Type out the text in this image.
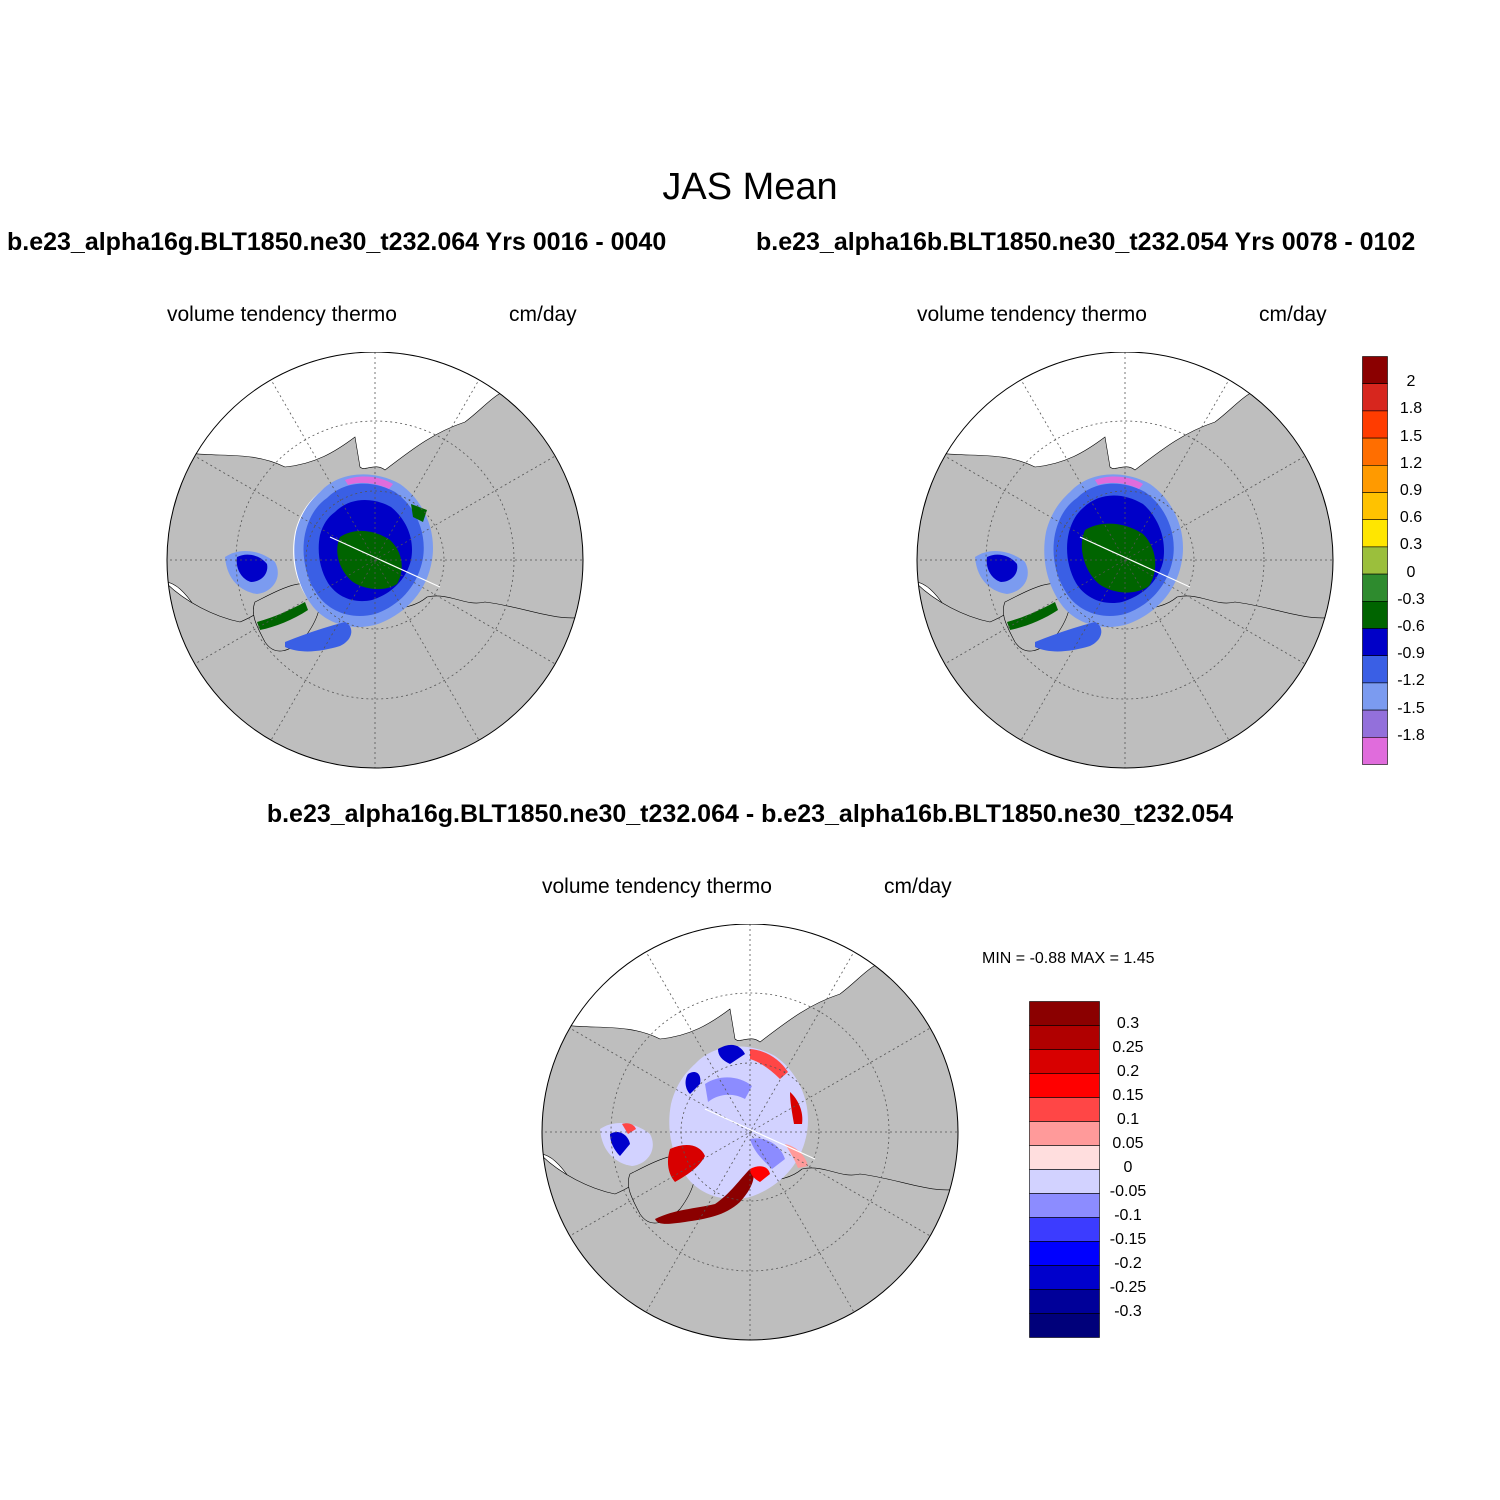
JAS Mean
b.e23_alpha16g.BLT1850.ne30_t232.064 Yrs 0016 - 0040	b.e23_alpha16b.BLT1850.ne30_t232.054 Yrs 0078 - 0102
volume tendency thermo	cm/day	volume tendency thermo	cm/day
b.e23_alpha16g.BLT1850.ne30_t232.064 - b.e23_alpha16b.BLT1850.ne30_t232.054
volume tendency thermo	cm/day
MIN = -0.88 MAX = 1.45
2
1.8
1.5
1.2
0.9
0.6
0.3
0
-0.3
-0.6
-0.9
-1.2
-1.5
-1.8
0.3
0.25
0.2
0.15
0.1
0.05
0
-0.05
-0.1
-0.15
-0.2
-0.25
-0.3
